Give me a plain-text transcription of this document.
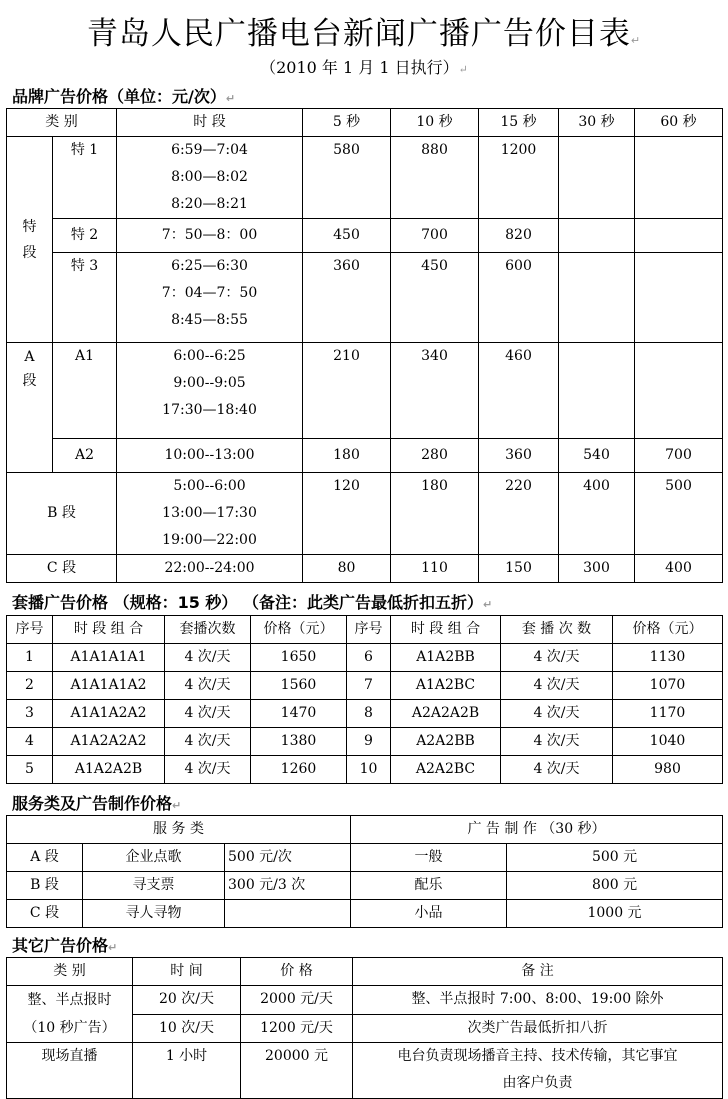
青岛人民广播电台新闻广播广告价目表↵
（2010 年 1 月 1 日执行）↵
品牌广告价格（单位：元/次）↵
类 别		时 段	5 秒	10 秒	15 秒	30 秒	60 秒

特 段	特 1	6:59—7:04
8:00—8:02
8:20—8:21	580	880	1200		
	特 2	7：50—8：00	450	700	820		
	特 3	6:25—6:30
7：04—7：50
8:45—8:55	360	450	600		

A 段	A1	6:00--6:25
9:00--9:05
17:30—18:40	210	340	460		
	A2	10:00--13:00	180	280	360	540	700
B 段		5:00--6:00
13:00—17:30
19:00—22:00	120	180	220	400	500
C 段		22:00--24:00	80	110	150	300	400
套播广告价格 （规格：15 秒） （备注：此类广告最低折扣五折）↵
序号	时 段 组 合	套播次数	价格（元）	序号	时 段 组 合	套 播 次 数	价格（元）
1	A1A1A1A1	4 次/天	1650	6	A1A2BB	4 次/天	1130
2	A1A1A1A2	4 次/天	1560	7	A1A2BC	4 次/天	1070
3	A1A1A2A2	4 次/天	1470	8	A2A2A2B	4 次/天	1170
4	A1A2A2A2	4 次/天	1380	9	A2A2BB	4 次/天	1040
5	A1A2A2B	4 次/天	1260	10	A2A2BC	4 次/天	980
服务类及广告制作价格↵
服 务 类			广 告 制 作 （30 秒）	
A 段	企业点歌	500 元/次	一般	500 元
B 段	寻支票	300 元/3 次	配乐	800 元
C 段	寻人寻物		小品	1000 元
其它广告价格↵
类 别	时 间	价 格	备 注

整、半点报时
（10 秒广告）	20 次/天	2000 元/天	整、半点报时 7:00、8:00、19:00 除外
	10 次/天	1200 元/天	次类广告最低折扣八折
现场直播	1 小时	20000 元	电台负责现场播音主持、技术传输，其它事宜
由客户负责
